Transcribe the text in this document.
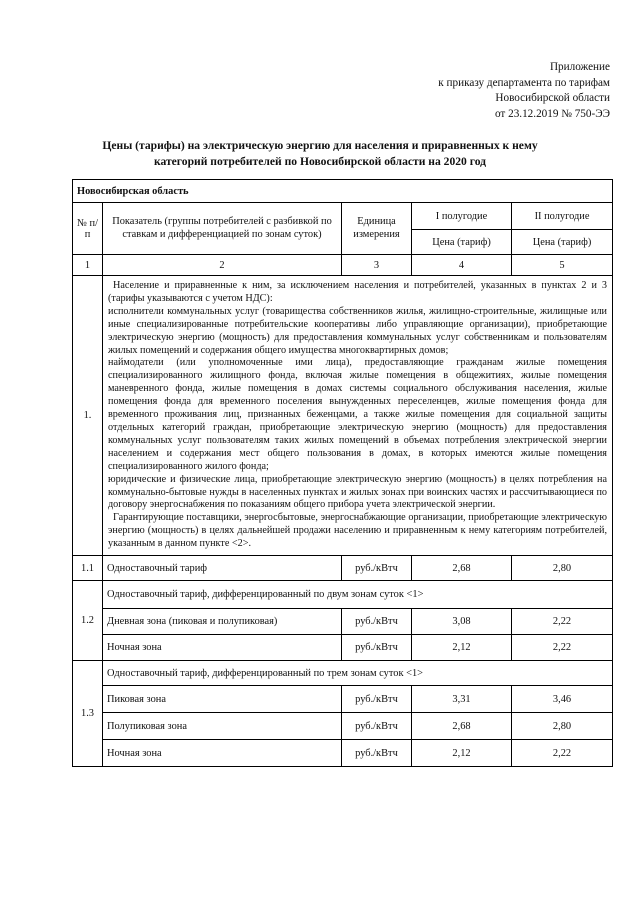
Приложение
к приказу департамента по тарифам
Новосибирской области
от 23.12.2019 № 750-ЭЭ
Цены (тарифы) на электрическую энергию для населения и приравненных к нему
категорий потребителей по Новосибирской области на 2020 год
Новосибирская область				
№ п/п	Показатель (группы потребителей с разбивкой по ставкам и дифференциацией по зонам суток)	Единица измерения	I полугодие	II полугодие
			Цена (тариф)	Цена (тариф)
1	2	3	4	5
1.	Население и приравненные к ним, за исключением населения и потребителей, указанных в пунктах 2 и 3 (тарифы указываются с учетом НДС):

исполнители коммунальных услуг (товарищества собственников жилья, жилищно-строительные, жилищные или иные специализированные потребительские кооперативы либо управляющие организации), приобретающие электрическую энергию (мощность) для предоставления коммунальных услуг собственникам и пользователям жилых помещений и содержания общего имущества многоквартирных домов;

наймодатели (или уполномоченные ими лица), предоставляющие гражданам жилые помещения специализированного жилищного фонда, включая жилые помещения в общежитиях, жилые помещения маневренного фонда, жилые помещения в домах системы социального обслуживания населения, жилые помещения фонда для временного поселения вынужденных переселенцев, жилые помещения фонда для временного проживания лиц, признанных беженцами, а также жилые помещения для социальной защиты отдельных категорий граждан, приобретающие электрическую энергию (мощность) для предоставления коммунальных услуг пользователям таких жилых помещений в объемах потребления электрической энергии населением и содержания мест общего пользования в домах, в которых имеются жилые помещения специализированного жилого фонда;

юридические и физические лица, приобретающие электрическую энергию (мощность) в целях потребления на коммунально-бытовые нужды в населенных пунктах и жилых зонах при воинских частях и рассчитывающиеся по договору энергоснабжения по показаниям общего прибора учета электрической энергии.

Гарантирующие поставщики, энергосбытовые, энергоснабжающие организации, приобретающие электрическую энергию (мощность) в целях дальнейшей продажи населению и приравненным к нему категориям потребителей, указанным в данном пункте <2>.			

1.1	Одноставочный тариф	руб./кВтч	2,68	2,80
1.2	Одноставочный тариф, дифференцированный по двум зонам суток <1>			
	Дневная зона (пиковая и полупиковая)	руб./кВтч	3,08	2,22
	Ночная зона	руб./кВтч	2,12	2,22
1.3	Одноставочный тариф, дифференцированный по трем зонам суток <1>			
	Пиковая зона	руб./кВтч	3,31	3,46
	Полупиковая зона	руб./кВтч	2,68	2,80
	Ночная зона	руб./кВтч	2,12	2,22
